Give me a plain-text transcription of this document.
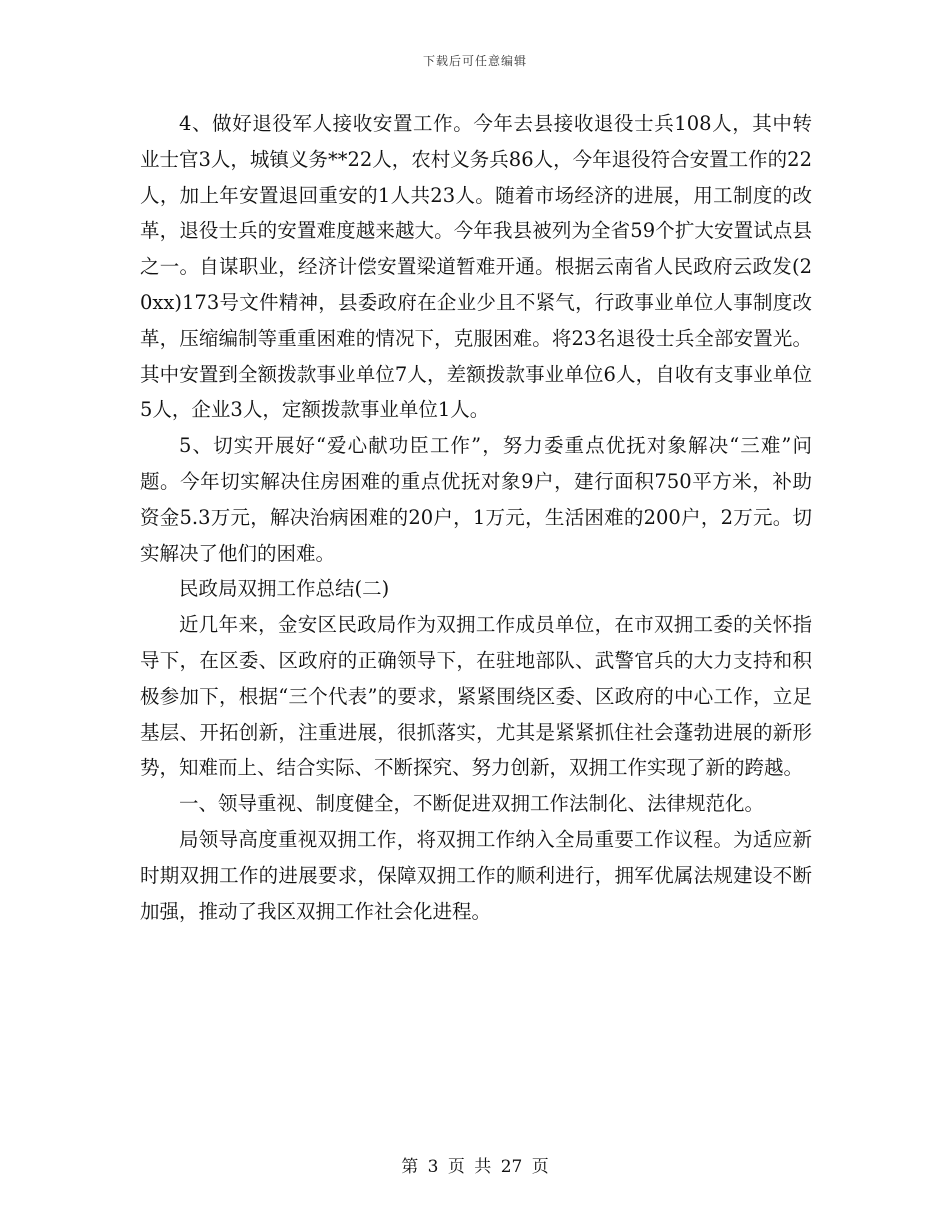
下载后可任意编辑

4、做好退役军人接收安置工作。今年去县接收退役士兵108人，其中转业士官3人，城镇义务**22人，农村义务兵86人，今年退役符合安置工作的22人，加上年安置退回重安的1人共23人。随着市场经济的进展，用工制度的改革，退役士兵的安置难度越来越大。今年我县被列为全省59个扩大安置试点县之一。自谋职业，经济计偿安置梁道暂难开通。根据云南省人民政府云政发(20xx)173号文件精神，县委政府在企业少且不紧气，行政事业单位人事制度改革，压缩编制等重重困难的情况下，克服困难。将23名退役士兵全部安置光。其中安置到全额拨款事业单位7人，差额拨款事业单位6人，自收有支事业单位5人，企业3人，定额拨款事业单位1人。

5、切实开展好“爱心献功臣工作”，努力委重点优抚对象解决“三难”问题。今年切实解决住房困难的重点优抚对象9户，建行面积750平方米，补助资金5.3万元，解决治病困难的20户，1万元，生活困难的200户，2万元。切实解决了他们的困难。

民政局双拥工作总结(二)

近几年来，金安区民政局作为双拥工作成员单位，在市双拥工委的关怀指导下，在区委、区政府的正确领导下，在驻地部队、武警官兵的大力支持和积极参加下，根据“三个代表”的要求，紧紧围绕区委、区政府的中心工作，立足基层、开拓创新，注重进展，很抓落实，尤其是紧紧抓住社会蓬勃进展的新形势，知难而上、结合实际、不断探究、努力创新，双拥工作实现了新的跨越。

一、领导重视、制度健全，不断促进双拥工作法制化、法律规范化。

局领导高度重视双拥工作，将双拥工作纳入全局重要工作议程。为适应新时期双拥工作的进展要求，保障双拥工作的顺利进行，拥军优属法规建设不断加强，推动了我区双拥工作社会化进程。

第 3 页 共 27 页
